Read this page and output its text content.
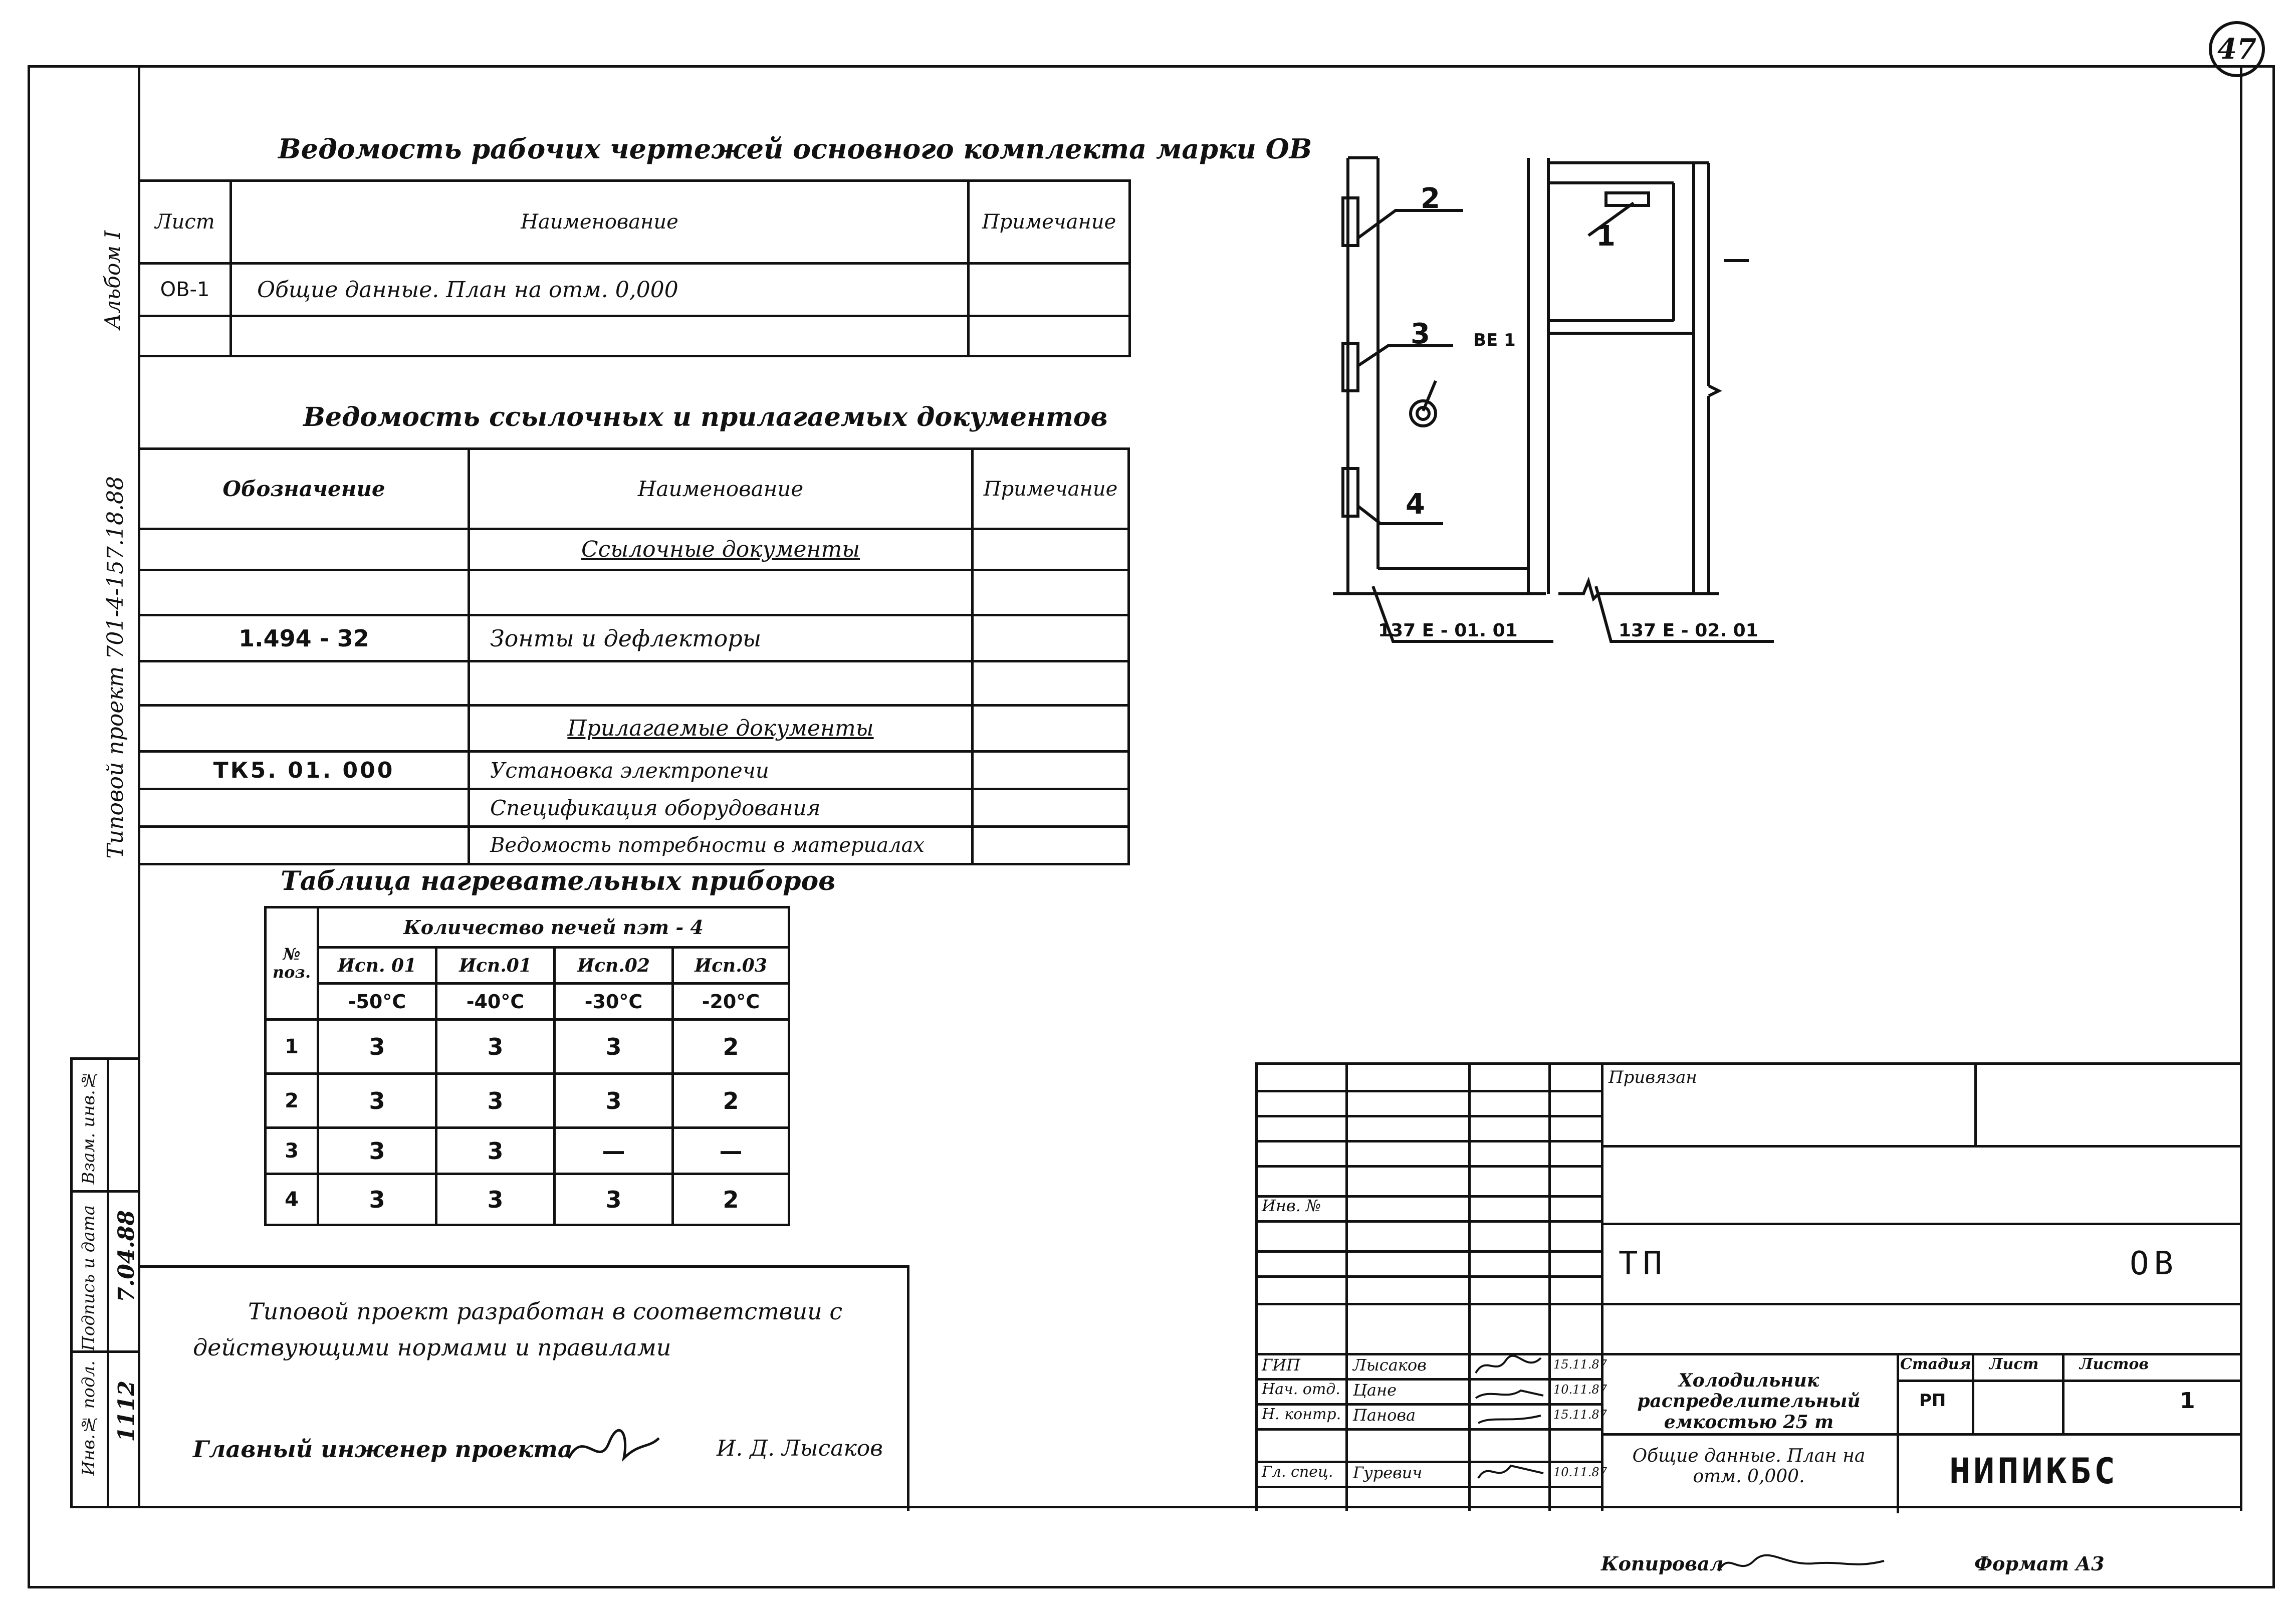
47
Альбом I
Типовой проект 701-4-157.18.88
Инв.№ подл.
Подпись и дата
Взам. инв.№
1112
7.04.88
Ведомость рабочих чертежей основного комплекта марки ОВ
Лист	Наименование	Примечание
ОВ-1	Общие данные. План на отм. 0,000	

Ведомость ссылочных и прилагаемых документов
Обозначение	Наименование	Примечание
	Ссылочные документы	

1.494 - 32	Зонты и дефлекторы	

	Прилагаемые документы	
ТК5. 01. 000	Установка электропечи	
	Спецификация оборудования	
	Ведомость потребности в материалах	
Таблица нагревательных приборов
№ поз.	Количество печей пэт - 4			
	Исп. 01	Исп.01	Исп.02	Исп.03
	-50°С	-40°С	-30°С	-20°С
1	3	3	3	2
2	3	3	3	2
3	3	3	—	—
4	3	3	3	2
Типовой проект разработан в соответствии с
действующими нормами и правилами
Главный инженер проекта	И. Д. Лысаков
2
1
3
4
ВЕ 1
137 Е - 01. 01	137 Е - 02. 01
Инв. №
ГИП	Лысаков	15.11.87
Нач. отд. Цане	10.11.87
Н. контр. Панова	15.11.87
Гл. спец. Гуревич	10.11.87
Привязан
ТП	ОВ
Холодильник распределительный емкостью 25 т
Общие данные. План на отм. 0,000.
Стадия Лист	Листов
РП	1
НИПИКБС
Копировал	Формат А3
